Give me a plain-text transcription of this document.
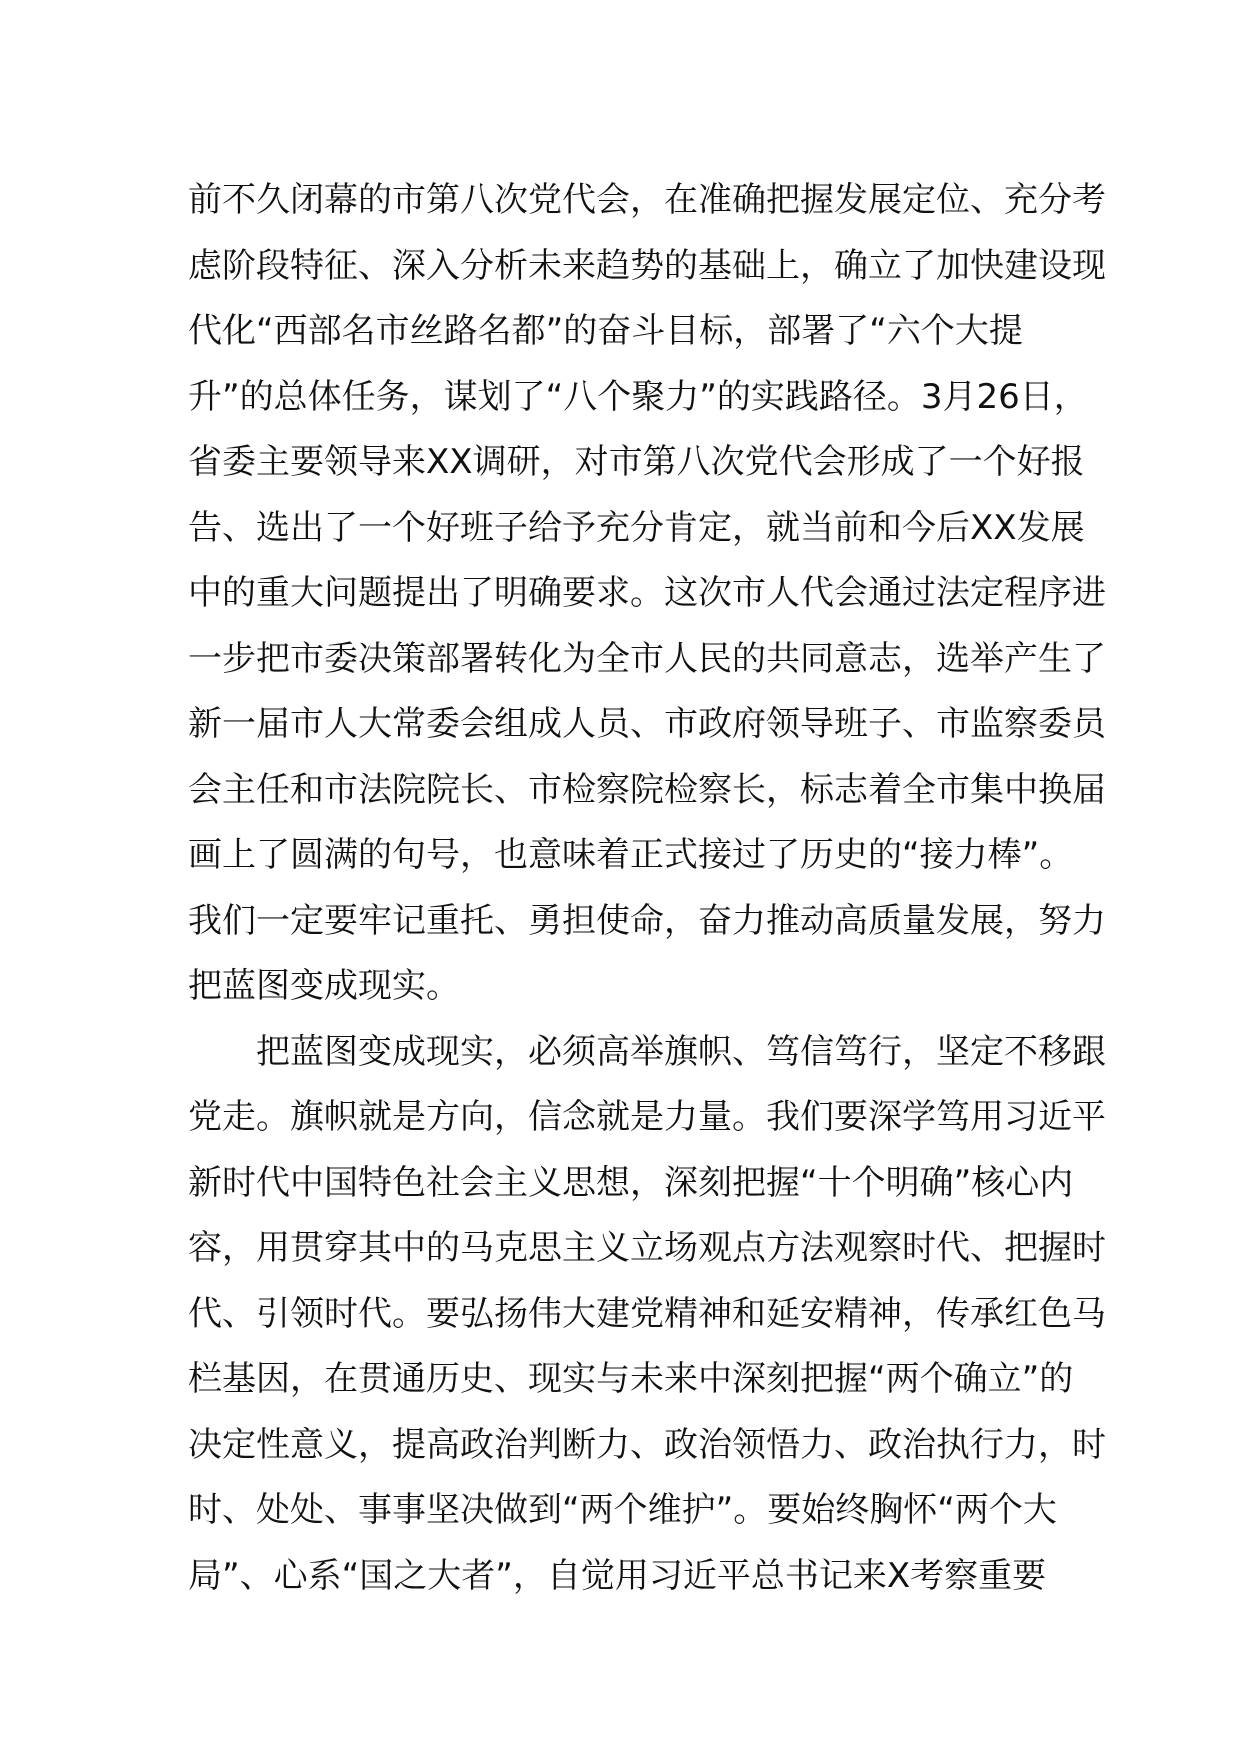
前不久闭幕的市第八次党代会，在准确把握发展定位、充分考
虑阶段特征、深入分析未来趋势的基础上，确立了加快建设现
代化“西部名市丝路名都”的奋斗目标，部署了“六个大提
升”的总体任务，谋划了“八个聚力”的实践路径。3月26日，
省委主要领导来XX调研，对市第八次党代会形成了一个好报
告、选出了一个好班子给予充分肯定，就当前和今后XX发展
中的重大问题提出了明确要求。这次市人代会通过法定程序进
一步把市委决策部署转化为全市人民的共同意志，选举产生了
新一届市人大常委会组成人员、市政府领导班子、市监察委员
会主任和市法院院长、市检察院检察长，标志着全市集中换届
画上了圆满的句号，也意味着正式接过了历史的“接力棒”。
我们一定要牢记重托、勇担使命，奋力推动高质量发展，努力
把蓝图变成现实。
　　把蓝图变成现实，必须高举旗帜、笃信笃行，坚定不移跟
党走。旗帜就是方向，信念就是力量。我们要深学笃用习近平
新时代中国特色社会主义思想，深刻把握“十个明确”核心内
容，用贯穿其中的马克思主义立场观点方法观察时代、把握时
代、引领时代。要弘扬伟大建党精神和延安精神，传承红色马
栏基因，在贯通历史、现实与未来中深刻把握“两个确立”的
决定性意义，提高政治判断力、政治领悟力、政治执行力，时
时、处处、事事坚决做到“两个维护”。要始终胸怀“两个大
局”、心系“国之大者”，自觉用习近平总书记来X考察重要
